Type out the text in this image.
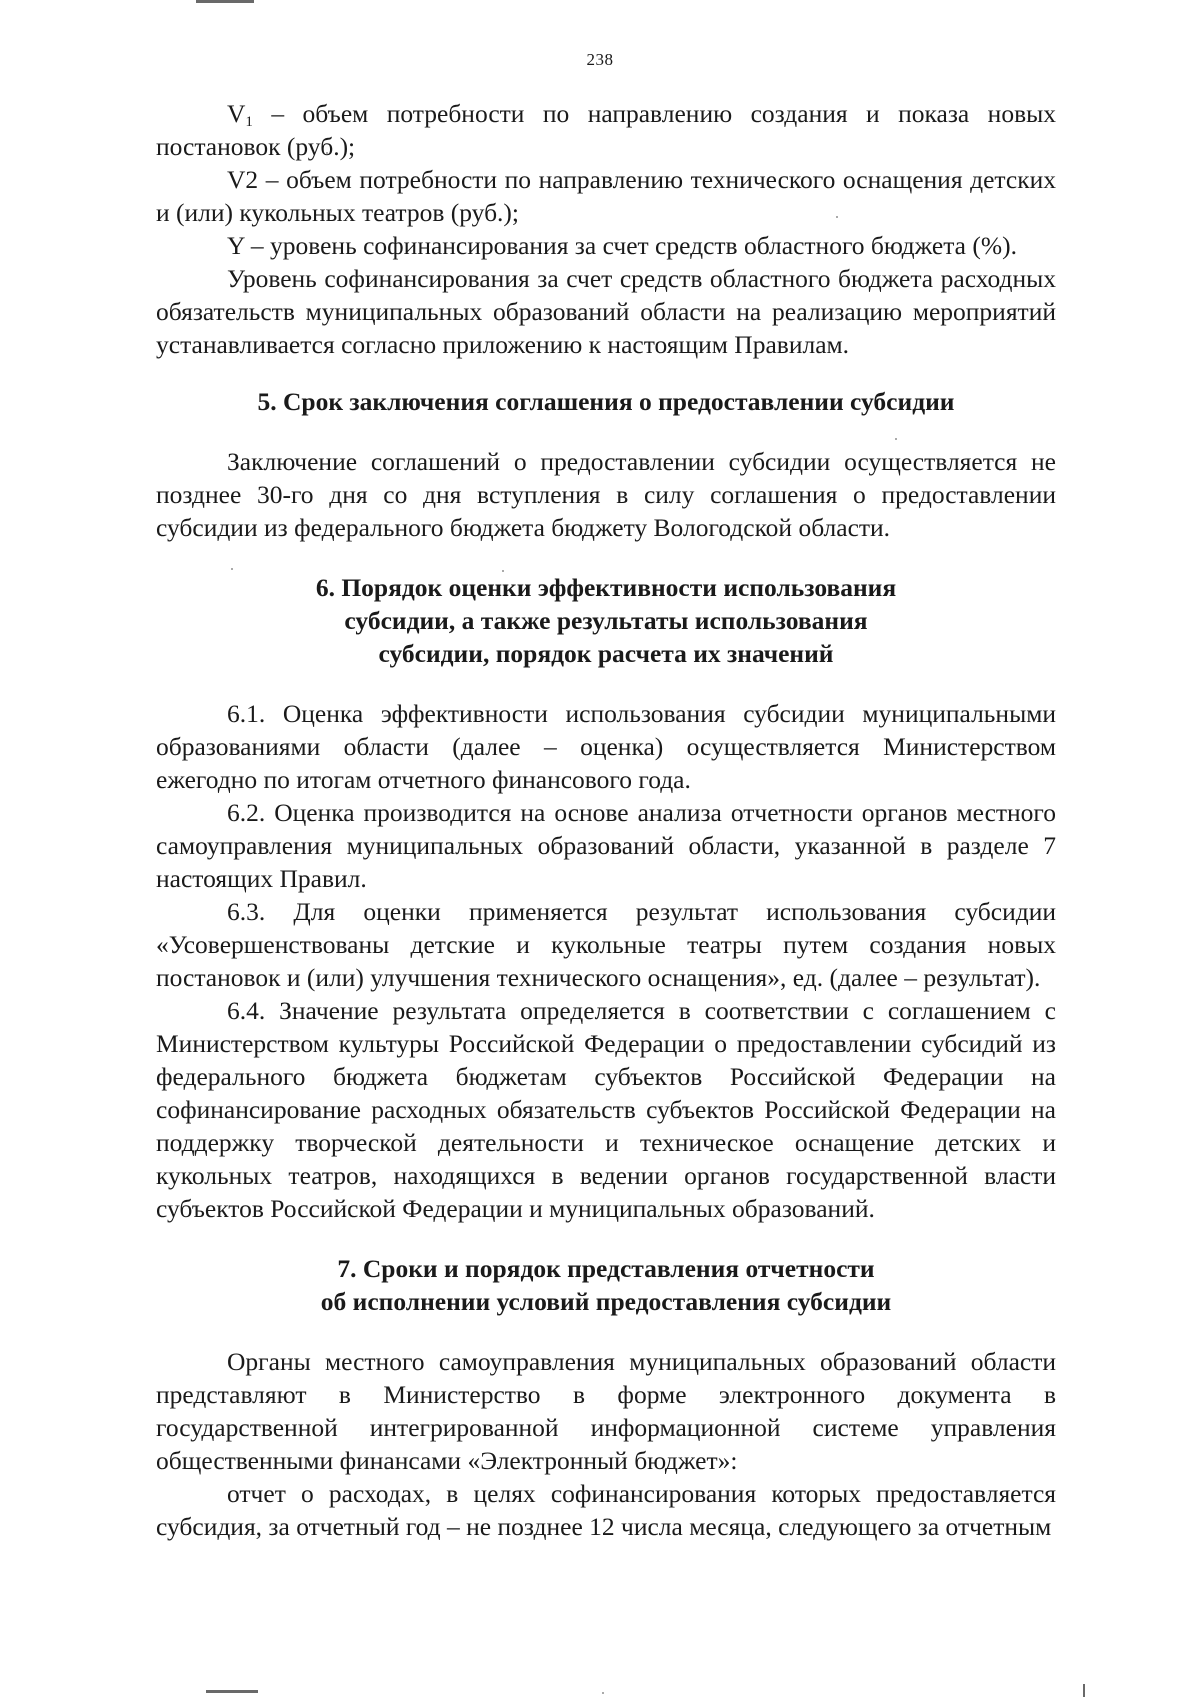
238

$V_1$ – объем потребности по направлению создания и показа новых постановок (руб.);

V2 – объем потребности по направлению технического оснащения детских и (или) кукольных театров (руб.);

Y – уровень софинансирования за счет средств областного бюджета (%).

Уровень софинансирования за счет средств областного бюджета расходных обязательств муниципальных образований области на реализацию мероприятий устанавливается согласно приложению к настоящим Правилам.

5. Срок заключения соглашения о предоставлении субсидии

Заключение соглашений о предоставлении субсидии осуществляется не позднее 30-го дня со дня вступления в силу соглашения о предоставлении субсидии из федерального бюджета бюджету Вологодской области.

6. Порядок оценки эффективности использования
субсидии, а также результаты использования
субсидии, порядок расчета их значений

6.1. Оценка эффективности использования субсидии муниципальными образованиями области (далее – оценка) осуществляется Министерством ежегодно по итогам отчетного финансового года.

6.2. Оценка производится на основе анализа отчетности органов местного самоуправления муниципальных образований области, указанной в разделе 7 настоящих Правил.

6.3. Для оценки применяется результат использования субсидии «Усовершенствованы детские и кукольные театры путем создания новых постановок и (или) улучшения технического оснащения», ед. (далее – результат).

6.4. Значение результата определяется в соответствии с соглашением с Министерством культуры Российской Федерации о предоставлении субсидий из федерального бюджета бюджетам субъектов Российской Федерации на софинансирование расходных обязательств субъектов Российской Федерации на поддержку творческой деятельности и техническое оснащение детских и кукольных театров, находящихся в ведении органов государственной власти субъектов Российской Федерации и муниципальных образований.

7. Сроки и порядок представления отчетности
об исполнении условий предоставления субсидии

Органы местного самоуправления муниципальных образований области представляют в Министерство в форме электронного документа в государственной интегрированной информационной системе управления общественными финансами «Электронный бюджет»:

отчет о расходах, в целях софинансирования которых предоставляется субсидия, за отчетный год – не позднее 12 числа месяца, следующего за отчетным
